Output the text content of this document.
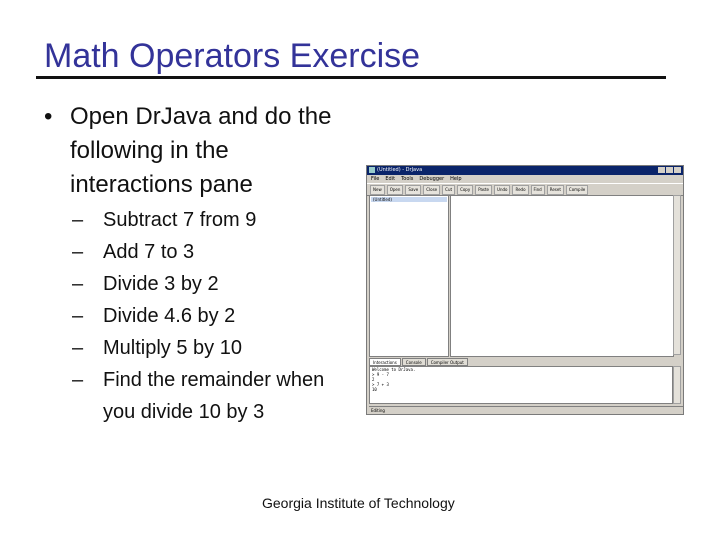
Math Operators Exercise
• Open DrJava and do the following in the interactions pane
– Subtract 7 from 9
– Add 7 to 3
– Divide 3 by 2
– Divide 4.6 by 2
– Multiply 5 by 10
– Find the remainder when you divide 10 by 3
(Untitled) - DrJava
File Edit Tools Debugger Help
New	Open	Save	Close	Cut	Copy	Paste	Undo	Redo	Find	Reset	Compile
(Untitled)
Interactions	Console	Compiler Output
Welcome to DrJava.
> 9 - 7
2
> 7 + 3
10
Editing
Georgia Institute of Technology
